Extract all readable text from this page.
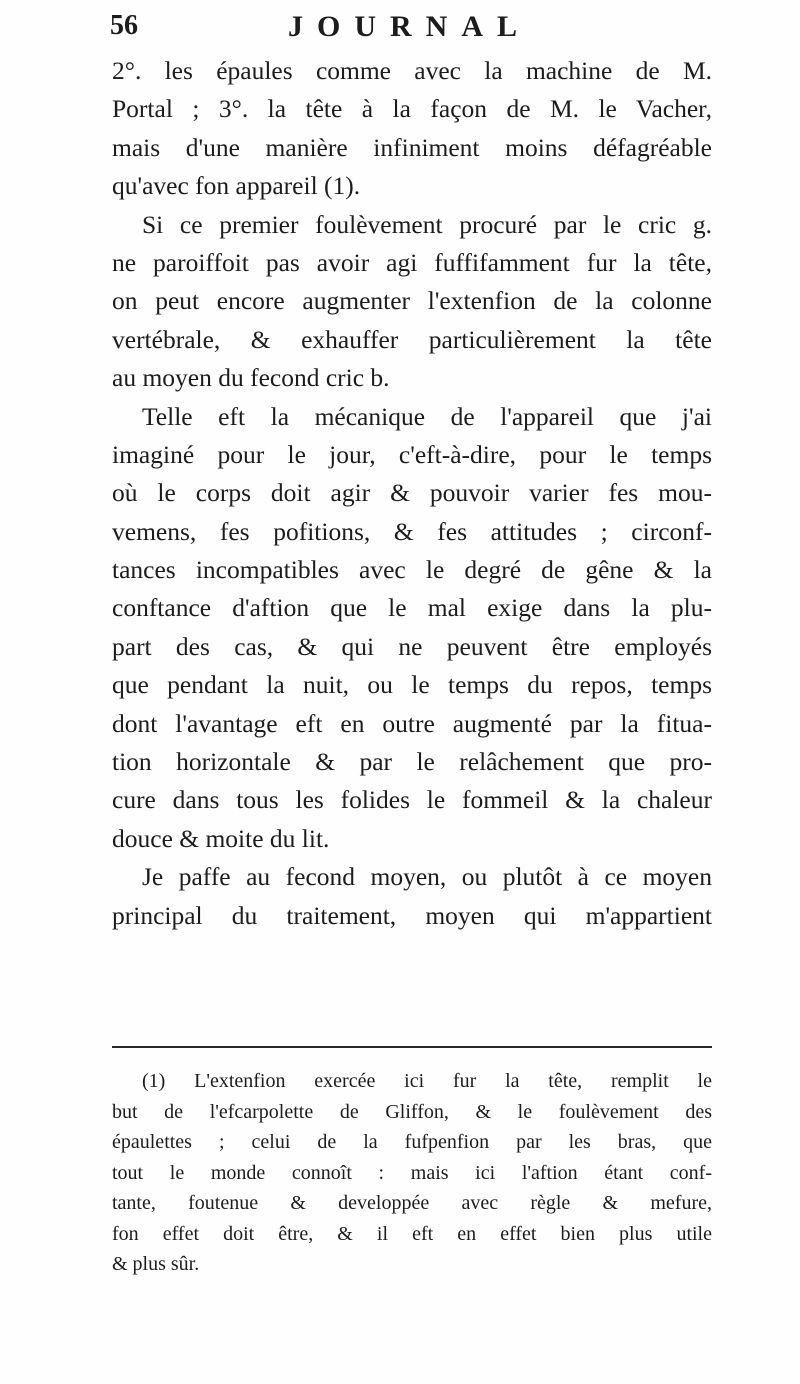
56	JOURNAL
2°. les épaules comme avec la machine de M.
Portal ; 3°. la tête à la façon de M. le Vacher,
mais d'une manière infiniment moins défagréable
qu'avec fon appareil (1).
Si ce premier foulèvement procuré par le cric g.
ne paroiffoit pas avoir agi fuffifamment fur la tête,
on peut encore augmenter l'extenfion de la colonne
vertébrale, & exhauffer particulièrement la tête
au moyen du fecond cric b.
Telle eft la mécanique de l'appareil que j'ai
imaginé pour le jour, c'eft-à-dire, pour le temps
où le corps doit agir & pouvoir varier fes mou-
vemens, fes pofitions, & fes attitudes ; circonf-
tances incompatibles avec le degré de gêne & la
conftance d'aftion que le mal exige dans la plu-
part des cas, & qui ne peuvent être employés
que pendant la nuit, ou le temps du repos, temps
dont l'avantage eft en outre augmenté par la fitua-
tion horizontale & par le relâchement que pro-
cure dans tous les folides le fommeil & la chaleur
douce & moite du lit.
Je paffe au fecond moyen, ou plutôt à ce moyen
principal du traitement, moyen qui m'appartient
(1) L'extenfion exercée ici fur la tête, remplit le
but de l'efcarpolette de Gliffon, & le foulèvement des
épaulettes ; celui de la fufpenfion par les bras, que
tout le monde connoît : mais ici l'aftion étant conf-
tante, foutenue & developpée avec règle & mefure,
fon effet doit être, & il eft en effet bien plus utile
& plus sûr.
